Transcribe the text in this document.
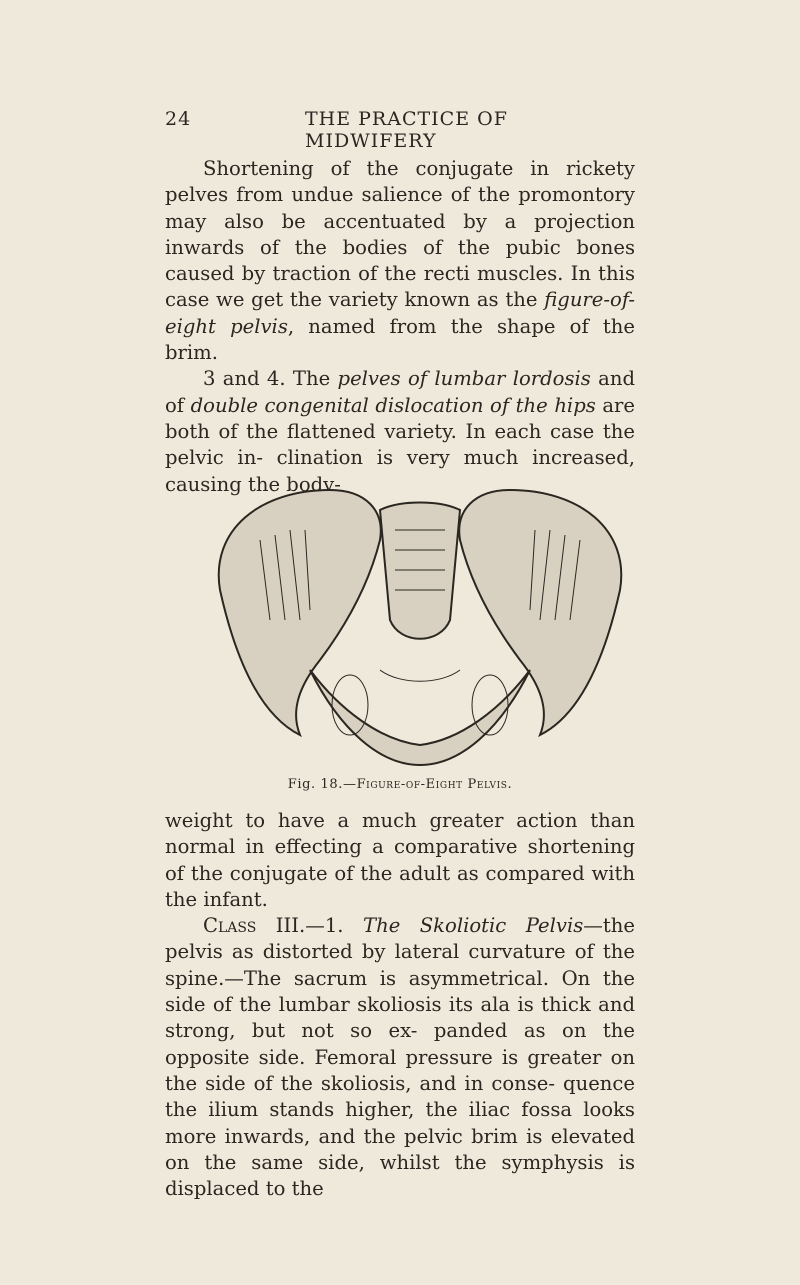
24	THE PRACTICE OF MIDWIFERY

Shortening of the conjugate in rickety pelves from undue salience of the promontory may also be accentuated by a projection inwards of the bodies of the pubic bones caused by traction of the recti muscles. In this case we get the variety known as the figure-of-eight pelvis, named from the shape of the brim.

3 and 4. The pelves of lumbar lordosis and of double congenital dislocation of the hips are both of the flattened variety. In each case the pelvic in- clination is very much increased, causing the body-

Fig. 18.—Figure-of-Eight Pelvis.

weight to have a much greater action than normal in effecting a comparative shortening of the conjugate of the adult as compared with the infant.

Class III.—1. The Skoliotic Pelvis—the pelvis as distorted by lateral curvature of the spine.—The sacrum is asymmetrical. On the side of the lumbar skoliosis its ala is thick and strong, but not so ex- panded as on the opposite side. Femoral pressure is greater on the side of the skoliosis, and in conse- quence the ilium stands higher, the iliac fossa looks more inwards, and the pelvic brim is elevated on the same side, whilst the symphysis is displaced to the
